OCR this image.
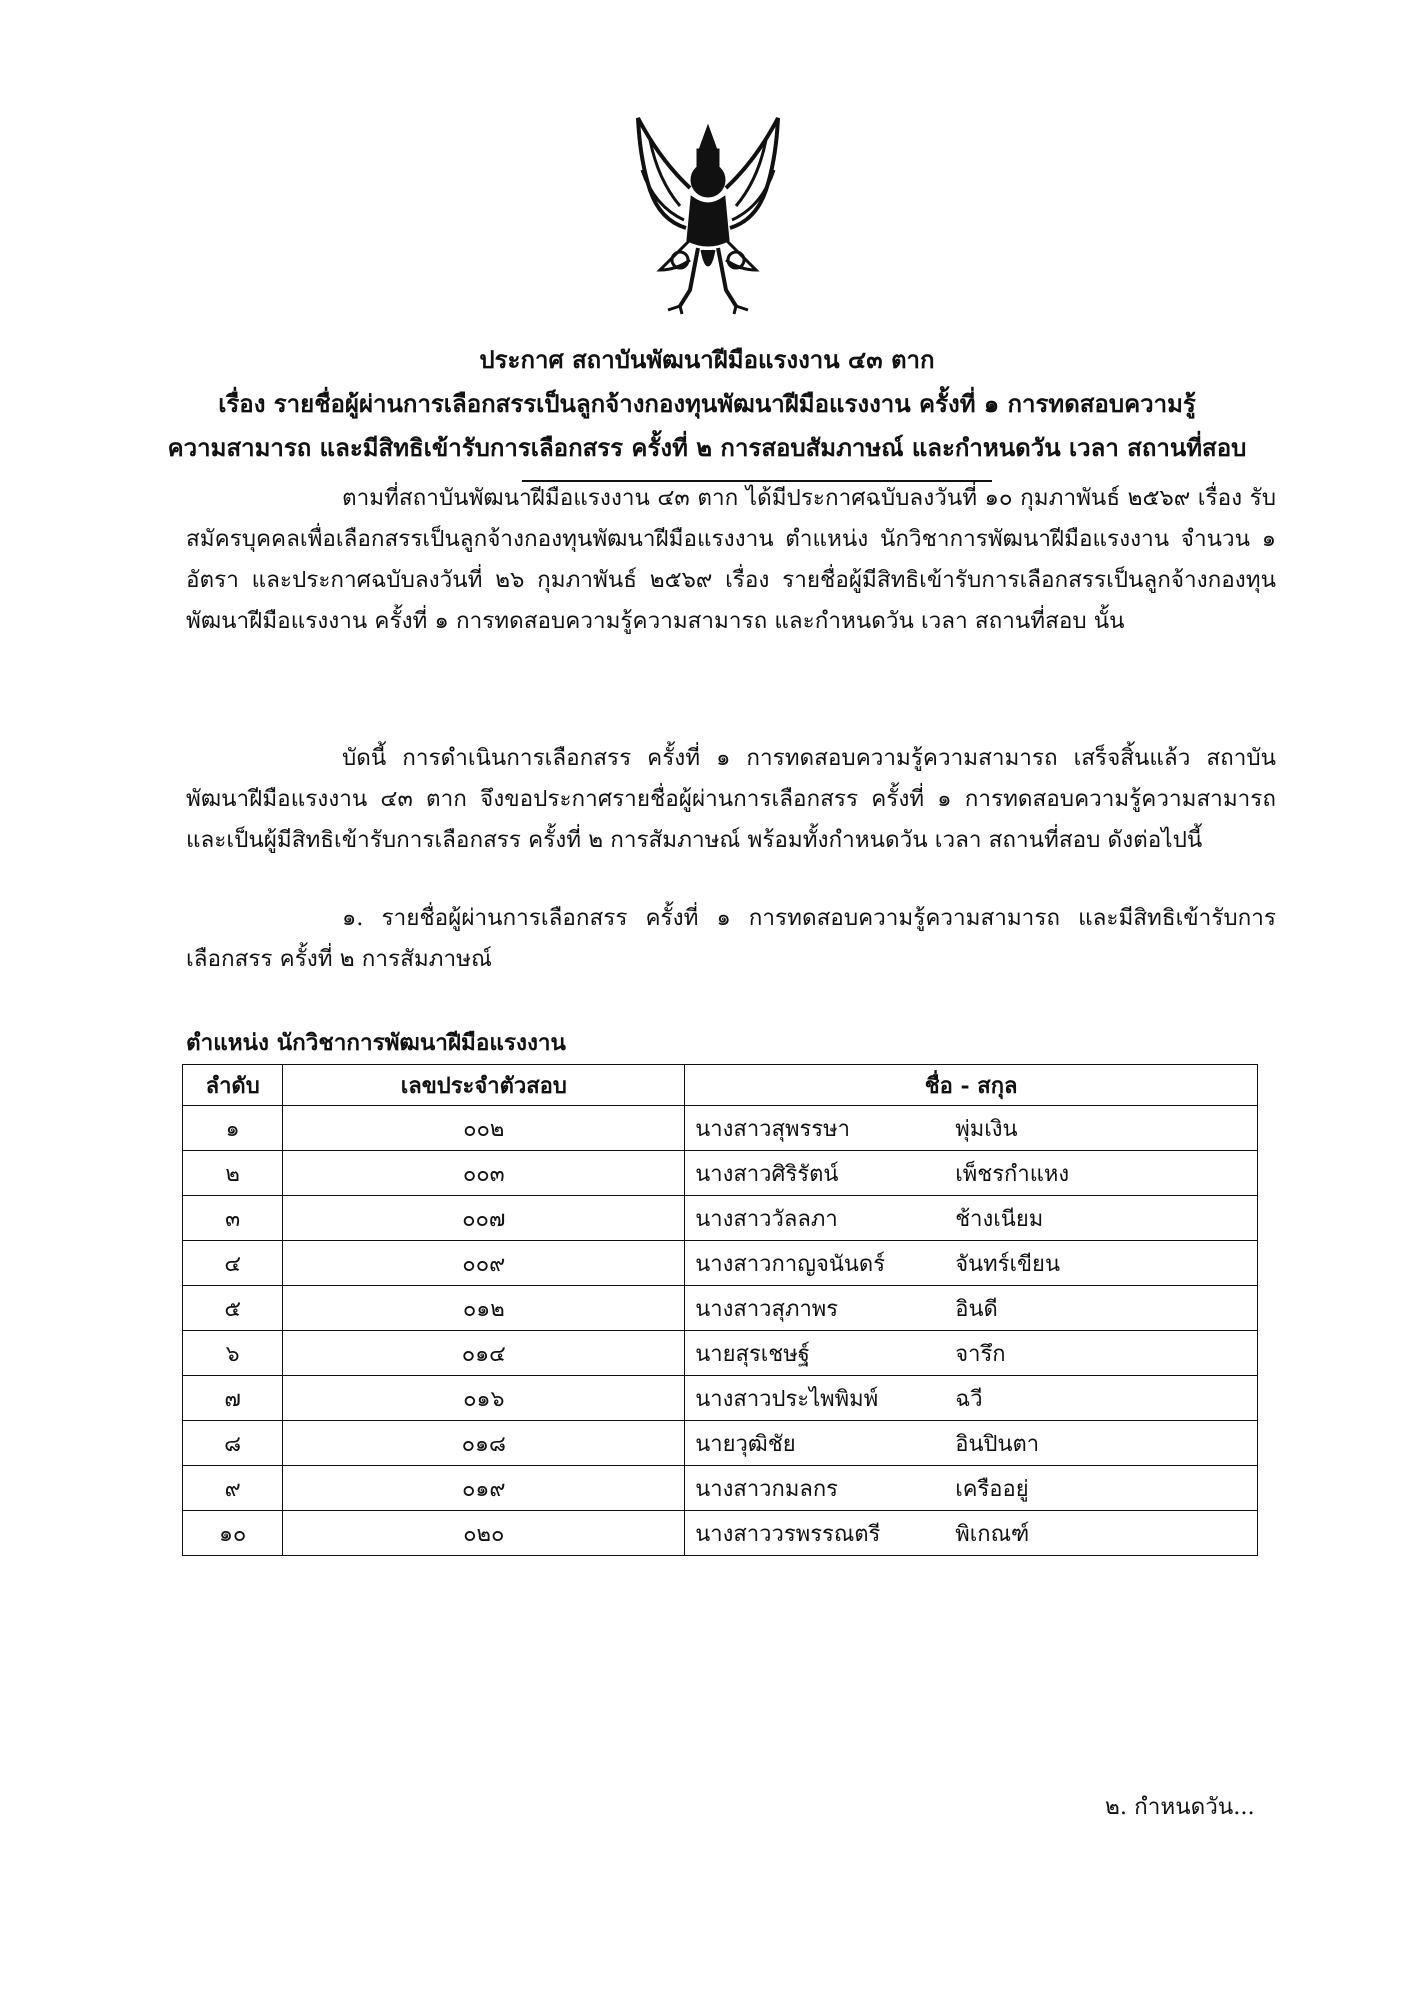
ประกาศ สถาบันพัฒนาฝีมือแรงงาน ๔๓ ตาก
เรื่อง รายชื่อผู้ผ่านการเลือกสรรเป็นลูกจ้างกองทุนพัฒนาฝีมือแรงงาน ครั้งที่ ๑ การทดสอบความรู้
ความสามารถ และมีสิทธิเข้ารับการเลือกสรร ครั้งที่ ๒ การสอบสัมภาษณ์ และกำหนดวัน เวลา สถานที่สอบ
ตามที่สถาบันพัฒนาฝีมือแรงงาน ๔๓ ตาก ได้มีประกาศฉบับลงวันที่ ๑๐ กุมภาพันธ์ ๒๕๖๙ เรื่อง รับสมัครบุคคลเพื่อเลือกสรรเป็นลูกจ้างกองทุนพัฒนาฝีมือแรงงาน ตำแหน่ง นักวิชาการพัฒนาฝีมือแรงงาน จำนวน ๑ อัตรา และประกาศฉบับลงวันที่ ๒๖ กุมภาพันธ์ ๒๕๖๙ เรื่อง รายชื่อผู้มีสิทธิเข้ารับการเลือกสรรเป็นลูกจ้างกองทุนพัฒนาฝีมือแรงงาน ครั้งที่ ๑ การทดสอบความรู้ความสามารถ และกำหนดวัน เวลา สถานที่สอบ นั้น
บัดนี้ การดำเนินการเลือกสรร ครั้งที่ ๑ การทดสอบความรู้ความสามารถ เสร็จสิ้นแล้ว สถาบันพัฒนาฝีมือแรงงาน ๔๓ ตาก จึงขอประกาศรายชื่อผู้ผ่านการเลือกสรร ครั้งที่ ๑ การทดสอบความรู้ความสามารถ และเป็นผู้มีสิทธิเข้ารับการเลือกสรร ครั้งที่ ๒ การสัมภาษณ์ พร้อมทั้งกำหนดวัน เวลา สถานที่สอบ ดังต่อไปนี้
๑. รายชื่อผู้ผ่านการเลือกสรร ครั้งที่ ๑ การทดสอบความรู้ความสามารถ และมีสิทธิเข้ารับการเลือกสรร ครั้งที่ ๒ การสัมภาษณ์
ตำแหน่ง นักวิชาการพัฒนาฝีมือแรงงาน
ลำดับ	เลขประจำตัวสอบ	ชื่อ - สกุล
๑	๐๐๒	นางสาวสุพรรษา พุ่มเงิน
๒	๐๐๓	นางสาวศิริรัตน์ เพ็ชรกำแหง
๓	๐๐๗	นางสาววัลลภา ช้างเนียม
๔	๐๐๙	นางสาวกาญจนันดร์ จันทร์เขียน
๕	๐๑๒	นางสาวสุภาพร อินดี
๖	๐๑๔	นายสุรเชษฐ์ จารึก
๗	๐๑๖	นางสาวประไพพิมพ์ ฉวี
๘	๐๑๘	นายวุฒิชัย อินปินตา
๙	๐๑๙	นางสาวกมลกร เครืออยู่
๑๐	๐๒๐	นางสาววรพรรณตรี พิเกณฑ์
๒. กำหนดวัน...
